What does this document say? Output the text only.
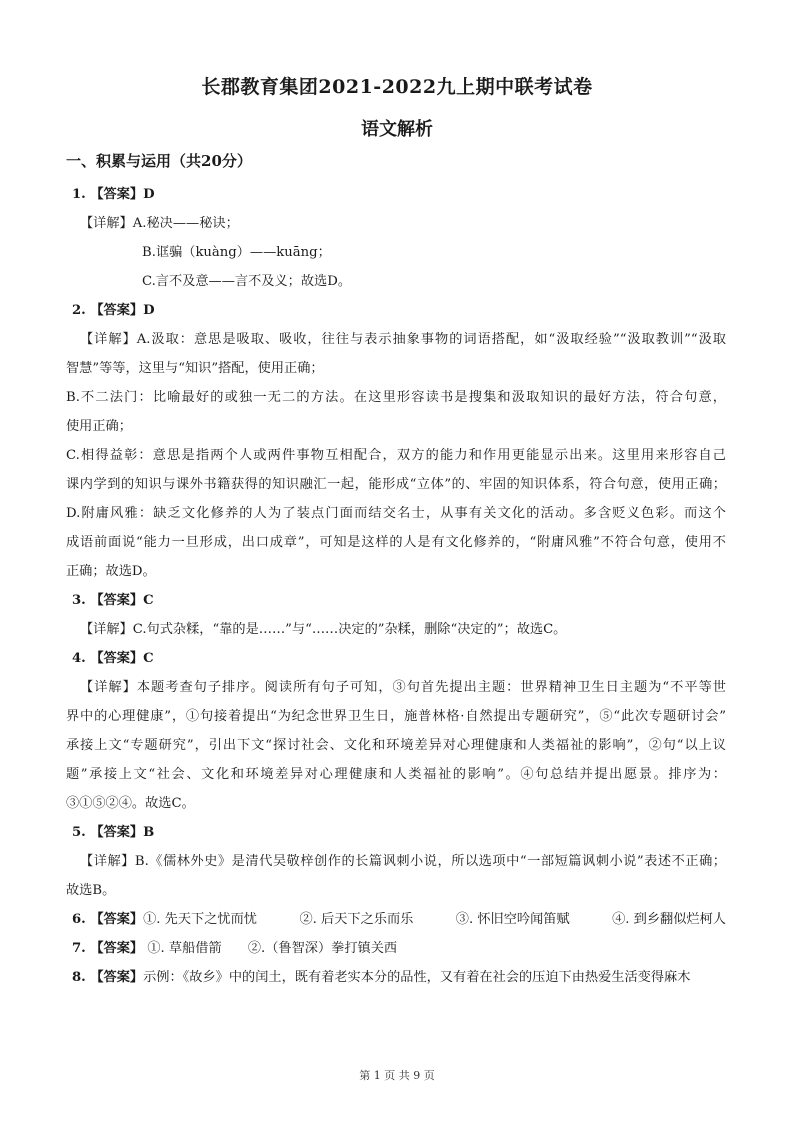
长郡教育集团2021-2022九上期中联考试卷
语文解析
一、积累与运用（共20分）

1. 【答案】D

【详解】A.秘决——秘诀；

B.诓骗（kuàng）——kuāng；

C.言不及意——言不及义；故选D。

2. 【答案】D

【详解】A.汲取：意思是吸取、吸收，往往与表示抽象事物的词语搭配，如“汲取经验”“汲取教训”“汲取

智慧”等等，这里与“知识”搭配，使用正确；

B.不二法门：比喻最好的或独一无二的方法。在这里形容读书是搜集和汲取知识的最好方法，符合句意，

使用正确；

C.相得益彰：意思是指两个人或两件事物互相配合，双方的能力和作用更能显示出来。这里用来形容自己

课内学到的知识与课外书籍获得的知识融汇一起，能形成“立体”的、牢固的知识体系，符合句意，使用正确；

D.附庸风雅：缺乏文化修养的人为了装点门面而结交名士，从事有关文化的活动。多含贬义色彩。而这个

成语前面说“能力一旦形成，出口成章”，可知是这样的人是有文化修养的，“附庸风雅”不符合句意，使用不

正确；故选D。

3. 【答案】C

【详解】C.句式杂糅，“靠的是……”与“……决定的”杂糅，删除“决定的”；故选C。

4. 【答案】C

【详解】本题考查句子排序。阅读所有句子可知，③句首先提出主题：世界精神卫生日主题为“不平等世

界中的心理健康”，①句接着提出“为纪念世界卫生日，施普林格·自然提出专题研究”，⑤“此次专题研讨会”

承接上文“专题研究”，引出下文“探讨社会、文化和环境差异对心理健康和人类福祉的影响”，②句“以上议

题”承接上文“社会、文化和环境差异对心理健康和人类福祉的影响”。④句总结并提出愿景。排序为：

③①⑤②④。故选C。

5. 【答案】B

【详解】B.《儒林外史》是清代吴敬梓创作的长篇讽刺小说，所以选项中“一部短篇讽刺小说”表述不正确；

故选B。

6. 【答案】 ①. 先天下之忧而忧	②. 后天下之乐而乐	③. 怀旧空吟闻笛赋	④. 到乡翻似烂柯人
7. 【答案】 ①. 草船借箭 ②.（鲁智深）拳打镇关西
8. 【答案】示例：《故乡》中的闰土，既有着老实本分的品性，又有着在社会的压迫下由热爱生活变得麻木
第 1 页 共 9 页
